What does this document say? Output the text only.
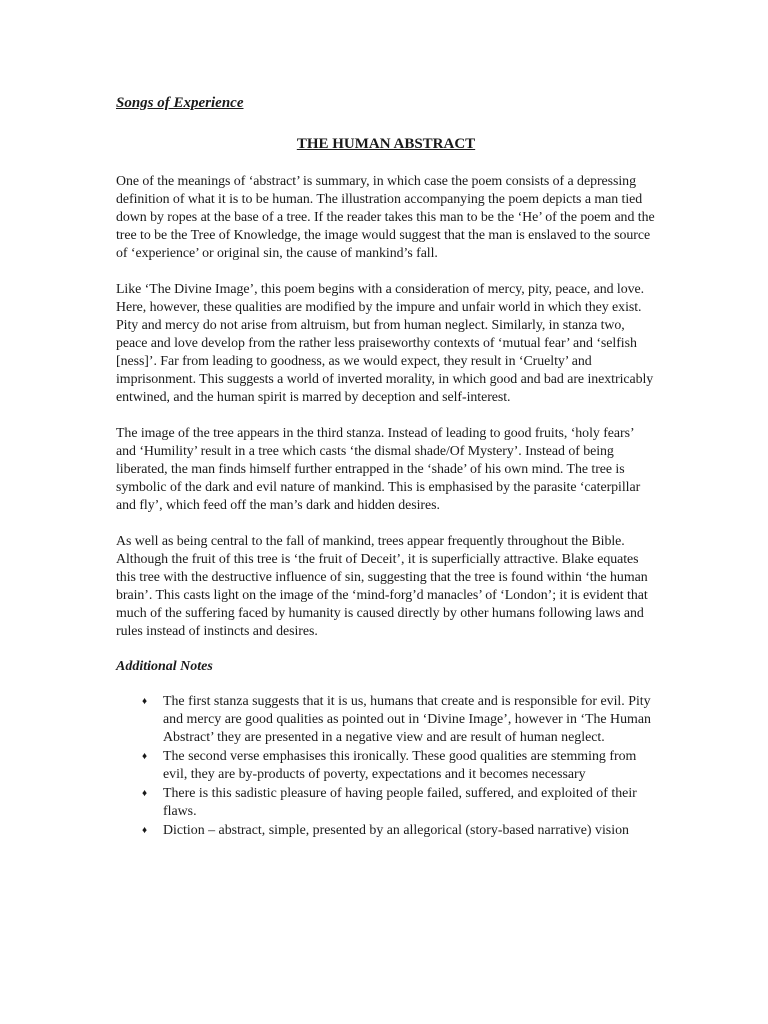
Songs of Experience

THE HUMAN ABSTRACT

One of the meanings of ‘abstract’ is summary, in which case the poem consists of a depressing definition of what it is to be human. The illustration accompanying the poem depicts a man tied down by ropes at the base of a tree. If the reader takes this man to be the ‘He’ of the poem and the tree to be the Tree of Knowledge, the image would suggest that the man is enslaved to the source of ‘experience’ or original sin, the cause of mankind’s fall.

Like ‘The Divine Image’, this poem begins with a consideration of mercy, pity, peace, and love. Here, however, these qualities are modified by the impure and unfair world in which they exist. Pity and mercy do not arise from altruism, but from human neglect. Similarly, in stanza two, peace and love develop from the rather less praiseworthy contexts of ‘mutual fear’ and ‘selfish [ness]’. Far from leading to goodness, as we would expect, they result in ‘Cruelty’ and imprisonment. This suggests a world of inverted morality, in which good and bad are inextricably entwined, and the human spirit is marred by deception and self-interest.

The image of the tree appears in the third stanza. Instead of leading to good fruits, ‘holy fears’ and ‘Humility’ result in a tree which casts ‘the dismal shade/Of Mystery’. Instead of being liberated, the man finds himself further entrapped in the ‘shade’ of his own mind. The tree is symbolic of the dark and evil nature of mankind. This is emphasised by the parasite ‘caterpillar and fly’, which feed off the man’s dark and hidden desires.

As well as being central to the fall of mankind, trees appear frequently throughout the Bible. Although the fruit of this tree is ‘the fruit of Deceit’, it is superficially attractive. Blake equates this tree with the destructive influence of sin, suggesting that the tree is found within ‘the human brain’. This casts light on the image of the ‘mind-forg’d manacles’ of ‘London’; it is evident that much of the suffering faced by humanity is caused directly by other humans following laws and rules instead of instincts and desires.

Additional Notes

♦ The first stanza suggests that it is us, humans that create and is responsible for evil. Pity and mercy are good qualities as pointed out in ‘Divine Image’, however in ‘The Human Abstract’ they are presented in a negative view and are result of human neglect.
♦ The second verse emphasises this ironically. These good qualities are stemming from evil, they are by-products of poverty, expectations and it becomes necessary
♦ There is this sadistic pleasure of having people failed, suffered, and exploited of their flaws.
♦ Diction – abstract, simple, presented by an allegorical (story-based narrative) vision
